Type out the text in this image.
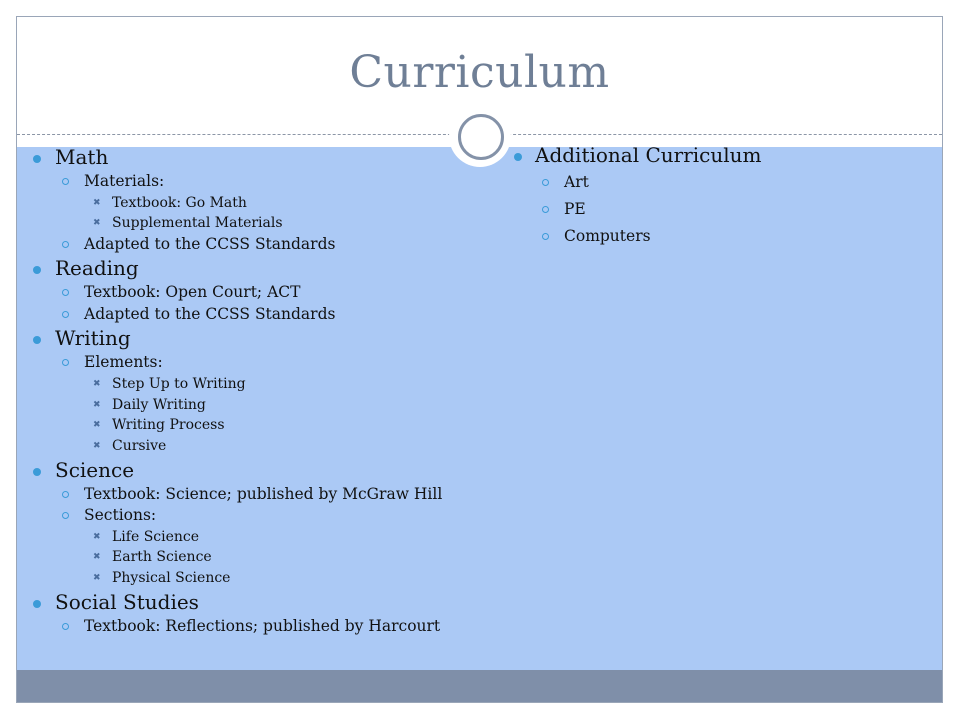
Curriculum
Math
Materials:
✖ Textbook: Go Math
✖ Supplemental Materials
Adapted to the CCSS Standards
Reading
Textbook: Open Court; ACT
Adapted to the CCSS Standards
Writing
Elements:
✖ Step Up to Writing
✖ Daily Writing
✖ Writing Process
✖ Cursive
Science
Textbook: Science; published by McGraw Hill
Sections:
✖ Life Science
✖ Earth Science
✖ Physical Science
Social Studies
Textbook: Reflections; published by Harcourt
Additional Curriculum
Art
PE
Computers
